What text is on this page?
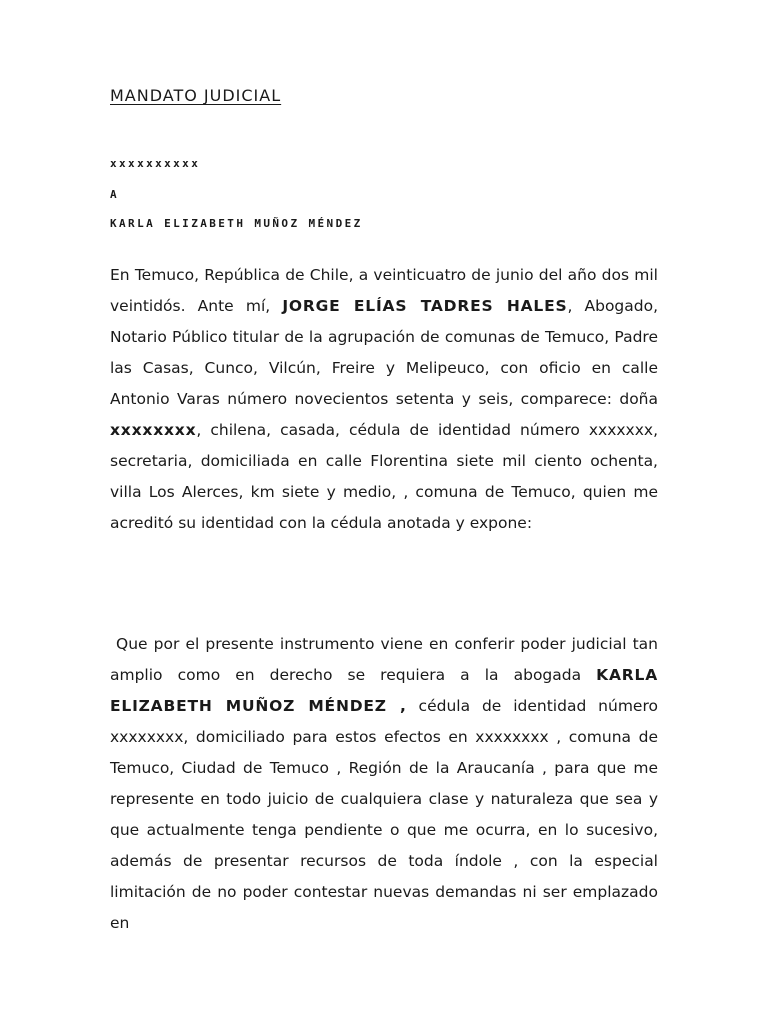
MANDATO JUDICIAL

xxxxxxxxxx

A

KARLA ELIZABETH MUÑOZ MÉNDEZ

En Temuco, República de Chile, a veinticuatro de junio del año dos mil veintidós. Ante mí, JORGE ELÍAS TADRES HALES, Abogado, Notario Público titular de la agrupación de comunas de Temuco, Padre las Casas, Cunco, Vilcún, Freire y Melipeuco, con oficio en calle Antonio Varas número novecientos setenta y seis, comparece: doña xxxxxxxx, chilena, casada, cédula de identidad número xxxxxxx, secretaria, domiciliada en calle Florentina siete mil ciento ochenta, villa Los Alerces, km siete y medio, , comuna de Temuco, quien me acreditó su identidad con la cédula anotada y expone:

Que por el presente instrumento viene en conferir poder judicial tan amplio como en derecho se requiera a la abogada KARLA ELIZABETH MUÑOZ MÉNDEZ , cédula de identidad número xxxxxxxx, domiciliado para estos efectos en xxxxxxxx , comuna de Temuco, Ciudad de Temuco , Región de la Araucanía , para que me represente en todo juicio de cualquiera clase y naturaleza que sea y que actualmente tenga pendiente o que me ocurra, en lo sucesivo, además de presentar recursos de toda índole , con la especial limitación de no poder contestar nuevas demandas ni ser emplazado en
